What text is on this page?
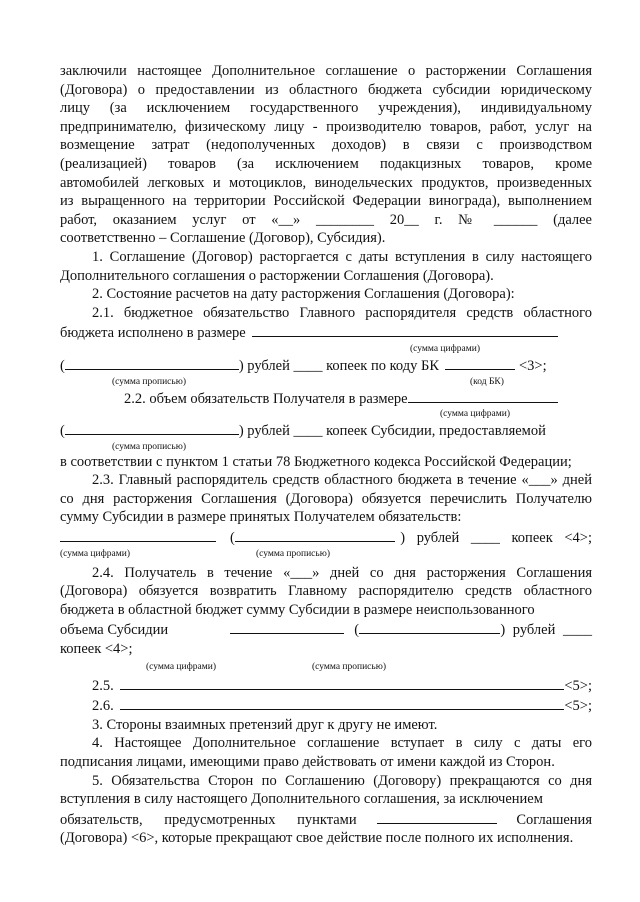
заключили настоящее Дополнительное соглашение о расторжении Соглашения
(Договора) о предоставлении из областного бюджета субсидии юридическому
лицу (за исключением государственного учреждения), индивидуальному
предпринимателю, физическому лицу - производителю товаров, работ, услуг на
возмещение затрат (недополученных доходов) в связи с производством
(реализацией) товаров (за исключением подакцизных товаров, кроме
автомобилей легковых и мотоциклов, винодельческих продуктов, произведенных
из выращенного на территории Российской Федерации винограда), выполнением
работ, оказанием услуг от «__» ________ 20__ г. № ______ (далее
соответственно – Соглашение (Договор), Субсидия).

1. Соглашение (Договор) расторгается с даты вступления в силу настоящего Дополнительного соглашения о расторжении Соглашения (Договора).

2. Состояние расчетов на дату расторжения Соглашения (Договора):

2.1. бюджетное обязательство Главного распорядителя средств областного
бюджета исполнено в размере
(сумма цифрами)
(	) рублей ____ копеек по коду БК	<3>;
(сумма прописью)	(код БК)
2.2. объем обязательств Получателя в размере
(сумма цифрами)
(	) рублей ____ копеек Субсидии, предоставляемой
(сумма прописью)

в соответствии с пунктом 1 статьи 78 Бюджетного кодекса Российской Федерации;

2.3. Главный распорядитель средств областного бюджета в течение «___» дней со дня расторжения Соглашения (Договора) обязуется перечислить Получателю сумму Субсидии в размере принятых Получателем обязательств:

(	) рублей ____ копеек <4>;
(сумма цифрами)	(сумма прописью)

2.4. Получатель в течение «___» дней со дня расторжения Соглашения (Договора) обязуется возвратить Главному распорядителю средств областного бюджета в областной бюджет сумму Субсидии в размере неиспользованного

объема Субсидии	(	) рублей ____
копеек <4>;
(сумма цифрами)	(сумма прописью)
2.5.	<5>;
2.6.	<5>;

3. Стороны взаимных претензий друг к другу не имеют.

4. Настоящее Дополнительное соглашение вступает в силу с даты его подписания лицами, имеющими право действовать от имени каждой из Сторон.

5. Обязательства Сторон по Соглашению (Договору) прекращаются со дня вступления в силу настоящего Дополнительного соглашения, за исключением

обязательств, предусмотренных пунктами	Соглашения

(Договора) <6>, которые прекращают свое действие после полного их исполнения.
